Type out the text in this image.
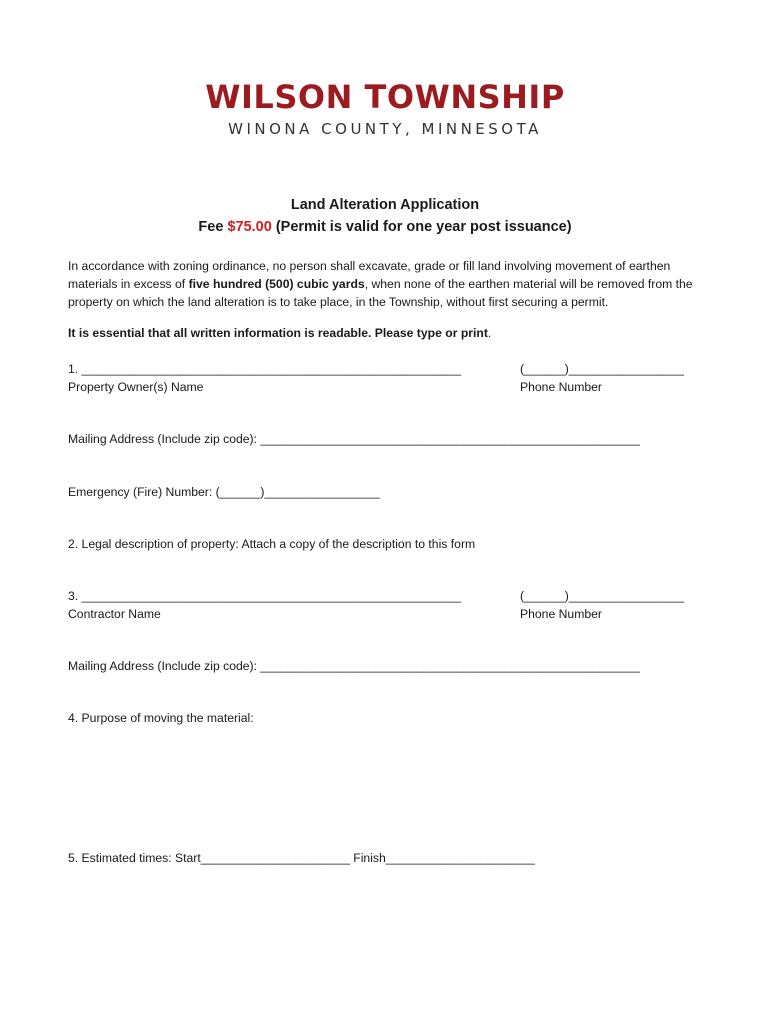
WILSON TOWNSHIP
WINONA COUNTY, MINNESOTA
Land Alteration Application
Fee $75.00 (Permit is valid for one year post issuance)
In accordance with zoning ordinance, no person shall excavate, grade or fill land involving movement of earthen materials in excess of five hundred (500) cubic yards, when none of the earthen material will be removed from the property on which the land alteration is to take place, in the Township, without first securing a permit.
It is essential that all written information is readable. Please type or print.
1. ________________________________________________________
Property Owner(s) Name
(______)_________________
Phone Number
Mailing Address (Include zip code): ________________________________________________________
Emergency (Fire) Number: (______)_________________
2. Legal description of property: Attach a copy of the description to this form
3. ________________________________________________________
Contractor Name
(______)_________________
Phone Number
Mailing Address (Include zip code): ________________________________________________________
4. Purpose of moving the material:
5. Estimated times: Start______________________ Finish______________________
